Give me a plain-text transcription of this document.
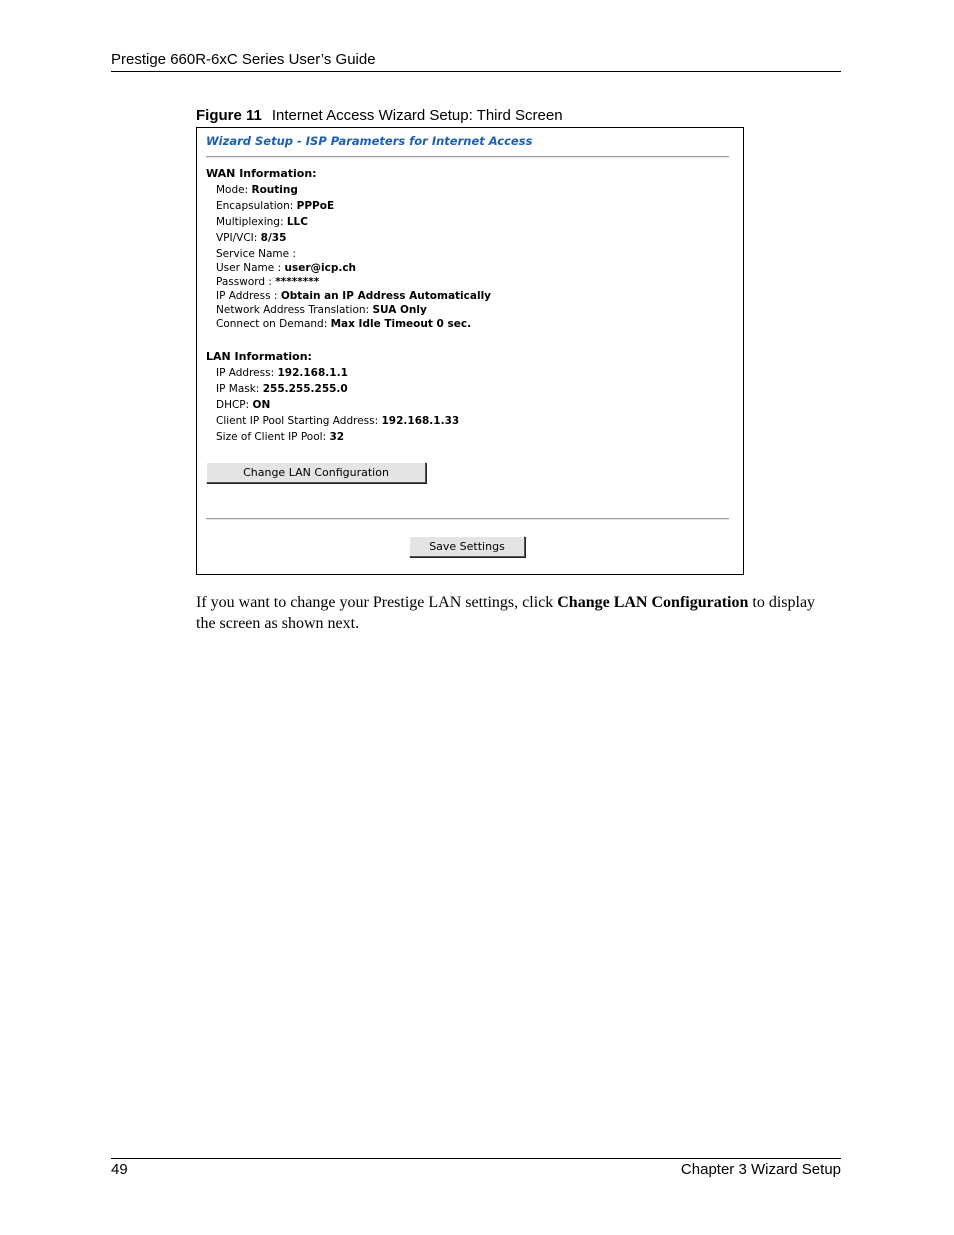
Prestige 660R-6xC Series User’s Guide
Figure 11 Internet Access Wizard Setup: Third Screen
Wizard Setup - ISP Parameters for Internet Access
WAN Information:
Mode: Routing
Encapsulation: PPPoE
Multiplexing: LLC
VPI/VCI: 8/35
Service Name :
User Name : user@icp.ch
Password : ********
IP Address : Obtain an IP Address Automatically
Network Address Translation: SUA Only
Connect on Demand: Max Idle Timeout 0 sec.
LAN Information:
IP Address: 192.168.1.1
IP Mask: 255.255.255.0
DHCP: ON
Client IP Pool Starting Address: 192.168.1.33
Size of Client IP Pool: 32
Change LAN Configuration
Save Settings
If you want to change your Prestige LAN settings, click Change LAN Configuration to display the screen as shown next.
49	Chapter 3 Wizard Setup
